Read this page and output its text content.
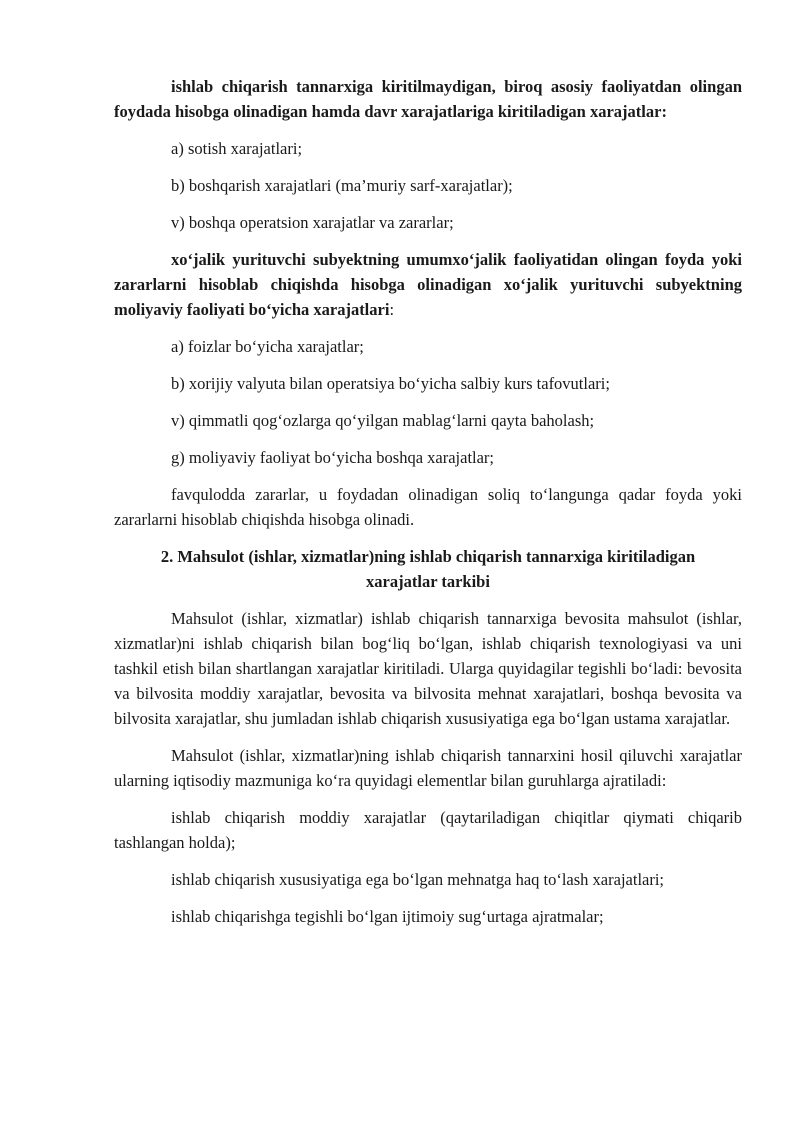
ishlab chiqarish tannarxiga kiritilmaydigan, biroq asosiy faoliyatdan olingan foydada hisobga olinadigan hamda davr xarajatlariga kiritiladigan xarajatlar:

a) sotish xarajatlari;

b) boshqarish xarajatlari (ma’muriy sarf-xarajatlar);

v) boshqa operatsion xarajatlar va zararlar;

xo‘jalik yurituvchi subyektning umumxo‘jalik faoliyatidan olingan foyda yoki zararlarni hisoblab chiqishda hisobga olinadigan xo‘jalik yurituvchi subyektning moliyaviy faoliyati bo‘yicha xarajatlari:

a) foizlar bo‘yicha xarajatlar;

b) xorijiy valyuta bilan operatsiya bo‘yicha salbiy kurs tafovutlari;

v) qimmatli qog‘ozlarga qo‘yilgan mablag‘larni qayta baholash;

g) moliyaviy faoliyat bo‘yicha boshqa xarajatlar;

favqulodda zararlar, u foydadan olinadigan soliq to‘langunga qadar foyda yoki zararlarni hisoblab chiqishda hisobga olinadi.

2. Mahsulot (ishlar, xizmatlar)ning ishlab chiqarish tannarxiga kiritiladigan
xarajatlar tarkibi

Mahsulot (ishlar, xizmatlar) ishlab chiqarish tannarxiga bevosita mahsulot (ishlar, xizmatlar)ni ishlab chiqarish bilan bog‘liq bo‘lgan, ishlab chiqarish texnologiyasi va uni tashkil etish bilan shartlangan xarajatlar kiritiladi. Ularga quyidagilar tegishli bo‘ladi: bevosita va bilvosita moddiy xarajatlar, bevosita va bilvosita mehnat xarajatlari, boshqa bevosita va bilvosita xarajatlar, shu jumladan ishlab chiqarish xususiyatiga ega bo‘lgan ustama xarajatlar.

Mahsulot (ishlar, xizmatlar)ning ishlab chiqarish tannarxini hosil qiluvchi xarajatlar ularning iqtisodiy mazmuniga ko‘ra quyidagi elementlar bilan guruhlarga ajratiladi:

ishlab chiqarish moddiy xarajatlar (qaytariladigan chiqitlar qiymati chiqarib tashlangan holda);

ishlab chiqarish xususiyatiga ega bo‘lgan mehnatga haq to‘lash xarajatlari;

ishlab chiqarishga tegishli bo‘lgan ijtimoiy sug‘urtaga ajratmalar;
